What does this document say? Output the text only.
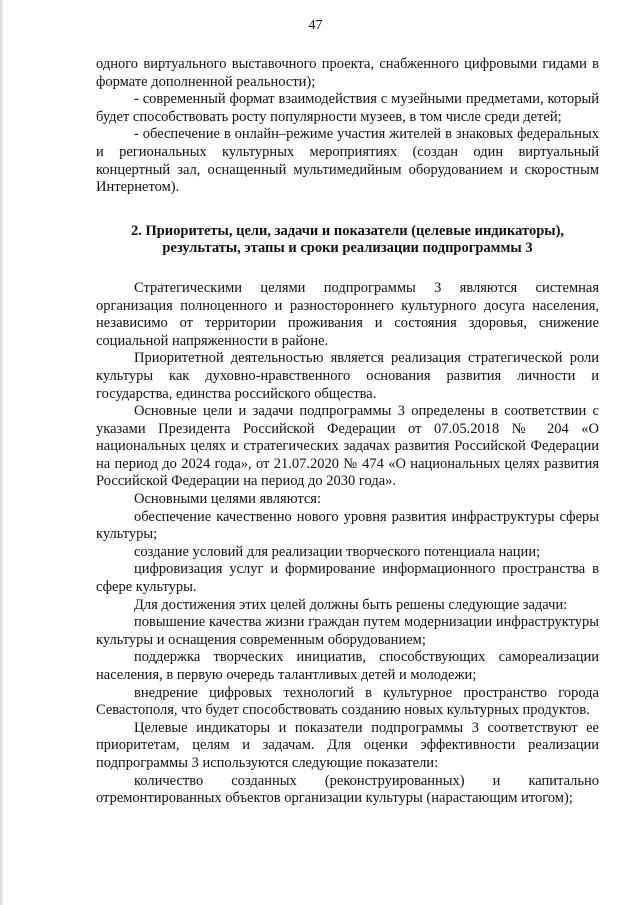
47

одного виртуального выставочного проекта, снабженного цифровыми гидами в формате дополненной реальности);

- современный формат взаимодействия с музейными предметами, который будет способствовать росту популярности музеев, в том числе среди детей;

- обеспечение в онлайн–режиме участия жителей в знаковых федеральных и региональных культурных мероприятиях (создан один виртуальный концертный зал, оснащенный мультимедийным оборудованием и скоростным Интернетом).

2. Приоритеты, цели, задачи и показатели (целевые индикаторы),
результаты, этапы и сроки реализации подпрограммы 3

Стратегическими целями подпрограммы 3 являются системная организация полноценного и разностороннего культурного досуга населения, независимо от территории проживания и состояния здоровья, снижение социальной напряженности в районе.

Приоритетной деятельностью является реализация стратегической роли культуры как духовно-нравственного основания развития личности и государства, единства российского общества.

Основные цели и задачи подпрограммы 3 определены в соответствии с указами Президента Российской Федерации от 07.05.2018 № 204 «О национальных целях и стратегических задачах развития Российской Федерации на период до 2024 года», от 21.07.2020 № 474 «О национальных целях развития Российской Федерации на период до 2030 года».

Основными целями являются:

обеспечение качественно нового уровня развития инфраструктуры сферы культуры;

создание условий для реализации творческого потенциала нации;

цифровизация услуг и формирование информационного пространства в сфере культуры.

Для достижения этих целей должны быть решены следующие задачи:

повышение качества жизни граждан путем модернизации инфраструктуры культуры и оснащения современным оборудованием;

поддержка творческих инициатив, способствующих самореализации населения, в первую очередь талантливых детей и молодежи;

внедрение цифровых технологий в культурное пространство города Севастополя, что будет способствовать созданию новых культурных продуктов.

Целевые индикаторы и показатели подпрограммы 3 соответствуют ее приоритетам, целям и задачам. Для оценки эффективности реализации подпрограммы 3 используются следующие показатели:

количество созданных (реконструированных) и капитально отремонтированных объектов организации культуры (нарастающим итогом);
